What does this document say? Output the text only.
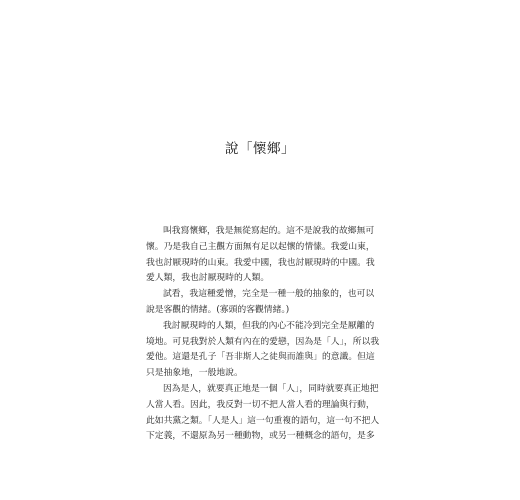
說「懷鄉」
叫我寫懷鄉，我是無從寫起的。這不是說我的故鄉無可
懷。乃是我自己主觀方面無有足以起懷的情愫。我愛山東，
我也討厭現時的山東。我愛中國，我也討厭現時的中國。我
愛人類，我也討厭現時的人類。
試看，我這種愛憎，完全是一種一般的抽象的，也可以
說是客觀的情緒。(寡頭的客觀情緒。)
我討厭現時的人類，但我的內心不能冷到完全是厭離的
境地。可見我對於人類有內在的愛戀，因為是「人」，所以我
愛他。這還是孔子「吾非斯人之徒與而誰與」的意識。但這
只是抽象地，一般地說。
因為是人，就要真正地是一個「人」，同時就要真正地把
人當人看。因此，我反對一切不把人當人看的理論與行動，
此如共黨之類。「人是人」這一句重複的語句，這一句不把人
下定義，不還原為另一種動物，或另一種概念的語句，是多
